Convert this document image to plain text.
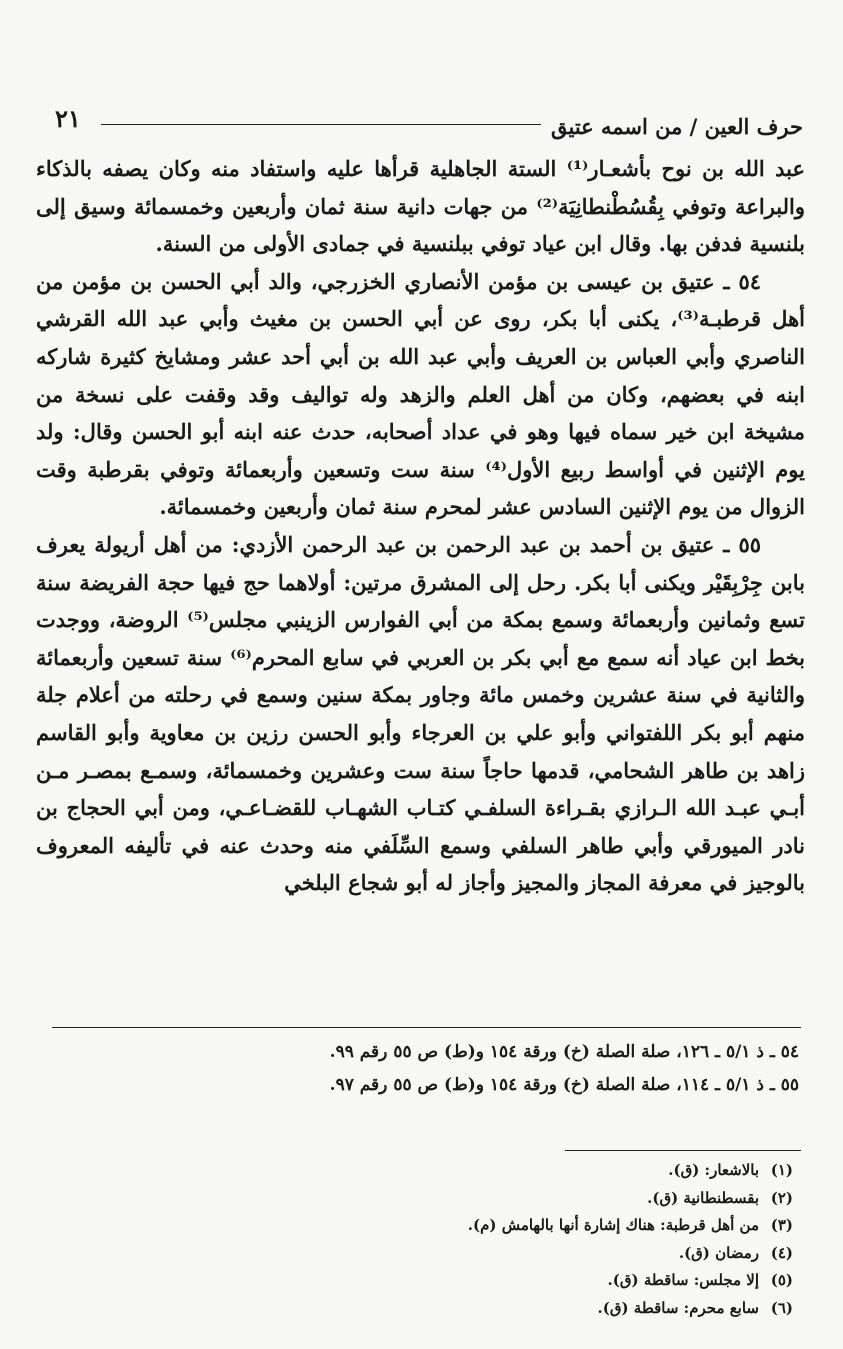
حرف العين / من اسمه عتيق
٢١

عبد الله بن نوح بأشعـار⁽¹⁾ الستة الجاهلية قرأها عليه واستفاد منه وكان يصفه بالذكاء والبراعة وتوفي بِقُسُطْنطانِيَة⁽²⁾ من جهات دانية سنة ثمان وأربعين وخمسمائة وسيق إلى بلنسية فدفن بها. وقال ابن عياد توفي ببلنسية في جمادى الأولى من السنة.

٥٤ ـ عتيق بن عيسى بن مؤمن الأنصاري الخزرجي، والد أبي الحسن بن مؤمن من أهل قرطبـة⁽³⁾، يكنى أبا بكر، روى عن أبي الحسن بن مغيث وأبي عبد الله القرشي الناصري وأبي العباس بن العريف وأبي عبد الله بن أبي أحد عشر ومشايخ كثيرة شاركه ابنه في بعضهم، وكان من أهل العلم والزهد وله تواليف وقد وقفت على نسخة من مشيخة ابن خير سماه فيها وهو في عداد أصحابه، حدث عنه ابنه أبو الحسن وقال: ولد يوم الإثنين في أواسط ربيع الأول⁽⁴⁾ سنة ست وتسعين وأربعمائة وتوفي بقرطبة وقت الزوال من يوم الإثنين السادس عشر لمحرم سنة ثمان وأربعين وخمسمائة.

٥٥ ـ عتيق بن أحمد بن عبد الرحمن بن عبد الرحمن الأزدي: من أهل أريولة يعرف بابن جِرْبِقَيْر ويكنى أبا بكر. رحل إلى المشرق مرتين: أولاهما حج فيها حجة الفريضة سنة تسع وثمانين وأربعمائة وسمع بمكة من أبي الفوارس الزينبي مجلس⁽⁵⁾ الروضة، ووجدت بخط ابن عياد أنه سمع مع أبي بكر بن العربي في سابع المحرم⁽⁶⁾ سنة تسعين وأربعمائة والثانية في سنة عشرين وخمس مائة وجاور بمكة سنين وسمع في رحلته من أعلام جلة منهم أبو بكر اللفتواني وأبو علي بن العرجاء وأبو الحسن رزين بن معاوية وأبو القاسم زاهد بن طاهر الشحامي، قدمها حاجاً سنة ست وعشرين وخمسمائة، وسمـع بمصـر مـن أبـي عبـد الله الـرازي بقـراءة السلفـي كتـاب الشهـاب للقضـاعـي، ومن أبي الحجاج بن نادر الميورقي وأبي طاهر السلفي وسمع السِّلَفي منه وحدث عنه في تأليفه المعروف بالوجيز في معرفة المجاز والمجيز وأجاز له أبو شجاع البلخي

٥٤ ـ ذ ٥/١ ـ ١٢٦، صلة الصلة (خ) ورقة ١٥٤ و(ط) ص ٥٥ رقم ٩٩.
٥٥ ـ ذ ٥/١ ـ ١١٤، صلة الصلة (خ) ورقة ١٥٤ و(ط) ص ٥٥ رقم ٩٧.
(١)بالاشعار: (ق).
(٢)بقسطنطانية (ق).
(٣)من أهل قرطبة: هناك إشارة أنها بالهامش (م).
(٤)رمضان (ق).
(٥)إلا مجلس: ساقطة (ق).
(٦)سابع محرم: ساقطة (ق).
